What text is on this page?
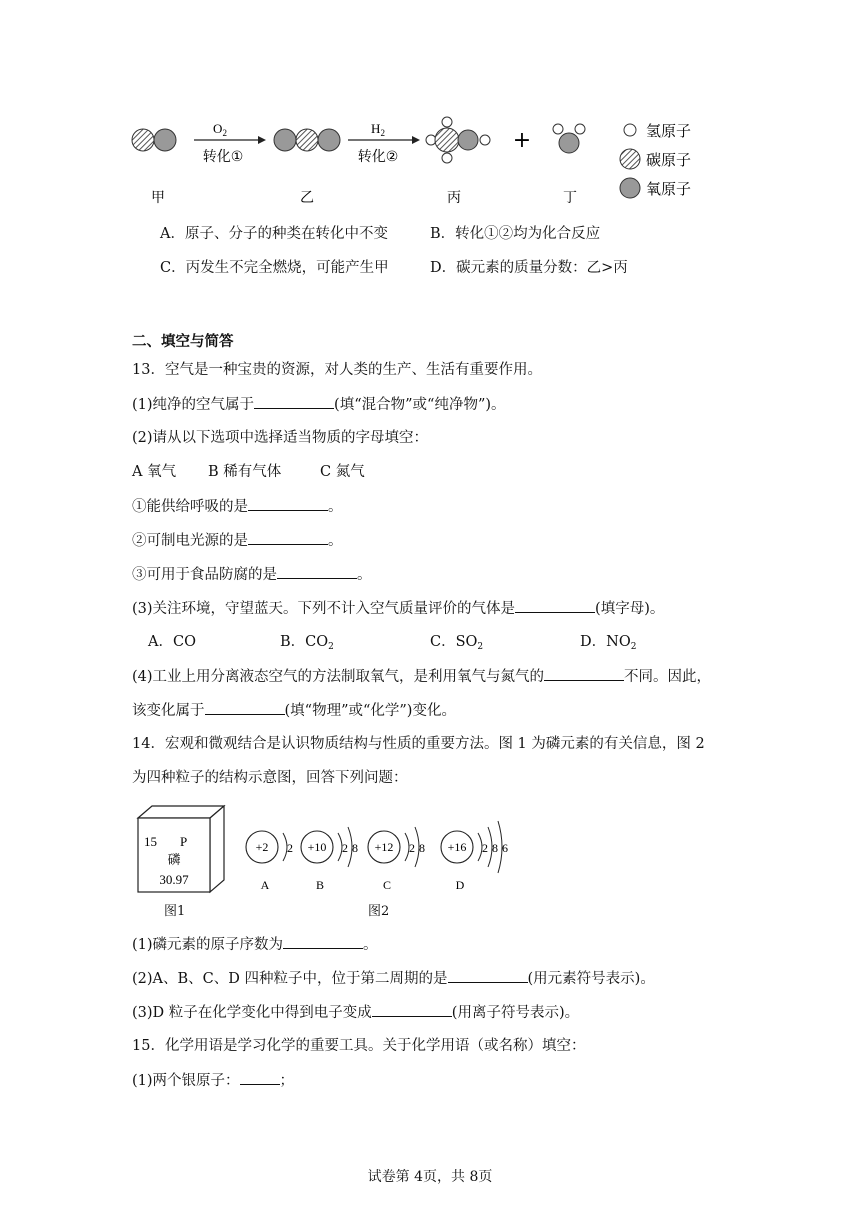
$O_2$
转化①
$H_2$
转化②
+	氢原子
碳原子
氧原子
甲	乙	丙	丁
A．原子、分子的种类在转化中不变	B．转化①②均为化合反应
C．丙发生不完全燃烧，可能产生甲	D．碳元素的质量分数：乙>丙
二、填空与简答
13．空气是一种宝贵的资源，对人类的生产、生活有重要作用。
(1)纯净的空气属于	(填“混合物”或“纯净物”)。
(2)请从以下选项中选择适当物质的字母填空：
A 氧气 B 稀有气体	C 氮气
①能供给呼吸的是	。
②可制电光源的是	。
③可用于食品防腐的是	。
(3)关注环境，守望蓝天。下列不计入空气质量评价的气体是	(填字母)。
A．CO	B．$CO_2$	C．$SO_2$	D．$NO_2$
(4)工业上用分离液态空气的方法制取氧气，是利用氧气与氮气的	不同。因此，
该变化属于	(填“物理”或“化学”)变化。
14．宏观和微观结合是认识物质结构与性质的重要方法。图 1 为磷元素的有关信息，图 2
为四种粒子的结构示意图，回答下列问题：
15 P
磷
30.97
图1
+2 2
A
+10 2 8
B
+12 2 8
C
+16 2 8 6
D
图2
(1)磷元素的原子序数为	。
(2)A、B、C、D 四种粒子中，位于第二周期的是	(用元素符号表示)。
(3)D 粒子在化学变化中得到电子变成	(用离子符号表示)。
15．化学用语是学习化学的重要工具。关于化学用语（或名称）填空：
(1)两个银原子：	；
试卷第 4页，共 8页
